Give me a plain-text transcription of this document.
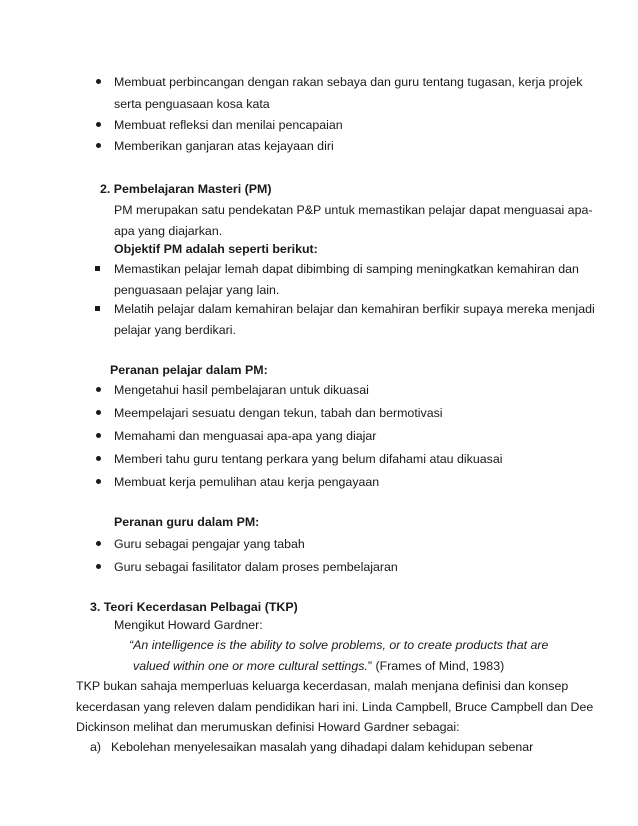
Membuat perbincangan dengan rakan sebaya dan guru tentang tugasan, kerja projek
serta penguasaan kosa kata
Membuat refleksi dan menilai pencapaian
Memberikan ganjaran atas kejayaan diri
2. Pembelajaran Masteri (PM)
PM merupakan satu pendekatan P&P untuk memastikan pelajar dapat menguasai apa-
apa yang diajarkan.
Objektif PM adalah seperti berikut:
Memastikan pelajar lemah dapat dibimbing di samping meningkatkan kemahiran dan
penguasaan pelajar yang lain.
Melatih pelajar dalam kemahiran belajar dan kemahiran berfikir supaya mereka menjadi
pelajar yang berdikari.
Peranan pelajar dalam PM:
Mengetahui hasil pembelajaran untuk dikuasai
Meempelajari sesuatu dengan tekun, tabah dan bermotivasi
Memahami dan menguasai apa-apa yang diajar
Memberi tahu guru tentang perkara yang belum difahami atau dikuasai
Membuat kerja pemulihan atau kerja pengayaan
Peranan guru dalam PM:
Guru sebagai pengajar yang tabah
Guru sebagai fasilitator dalam proses pembelajaran
3. Teori Kecerdasan Pelbagai (TKP)
Mengikut Howard Gardner:
“An intelligence is the ability to solve problems, or to create products that are
valued within one or more cultural settings.” (Frames of Mind, 1983)
TKP bukan sahaja memperluas keluarga kecerdasan, malah menjana definisi dan konsep
kecerdasan yang releven dalam pendidikan hari ini. Linda Campbell, Bruce Campbell dan Dee
Dickinson melihat dan merumuskan definisi Howard Gardner sebagai:
a) Kebolehan menyelesaikan masalah yang dihadapi dalam kehidupan sebenar
